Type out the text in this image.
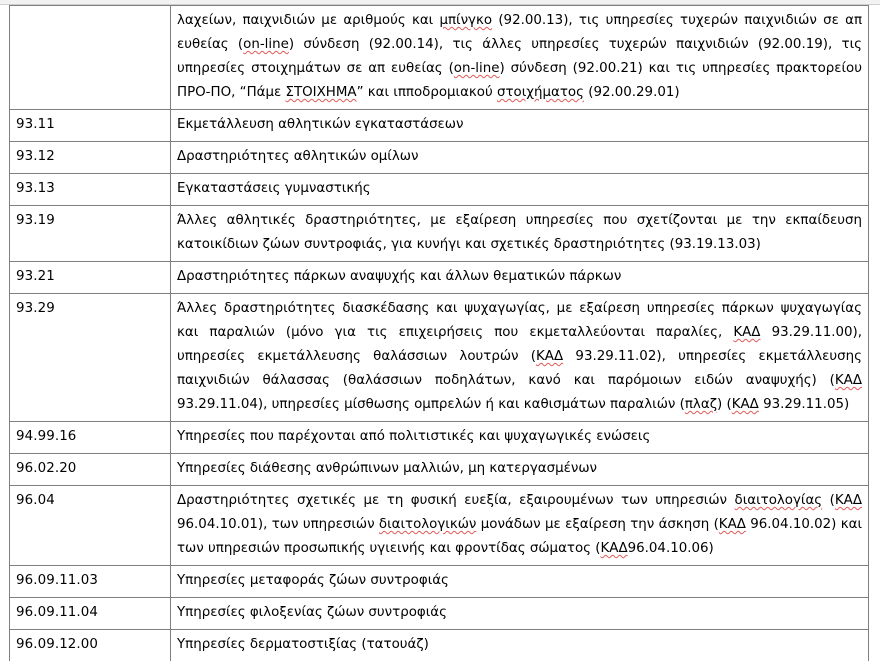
	λαχείων, παιχνιδιών με αριθμούς και μπίνγκο (92.00.13), τις υπηρεσίες τυχερών παιχνιδιών σε απ ευθείας (on-line) σύνδεση (92.00.14), τις άλλες υπηρεσίες τυχερών παιχνιδιών (92.00.19), τις υπηρεσίες στοιχημάτων σε απ ευθείας (on-line) σύνδεση (92.00.21) και τις υπηρεσίες πρακτορείου ΠΡΟ-ΠΟ, “Πάμε ΣΤΟΙΧΗΜΑ” και ιπποδρομιακού στοιχήματος (92.00.29.01)
93.11	Εκμετάλλευση αθλητικών εγκαταστάσεων
93.12	Δραστηριότητες αθλητικών ομίλων
93.13	Εγκαταστάσεις γυμναστικής
93.19	Άλλες αθλητικές δραστηριότητες, με εξαίρεση υπηρεσίες που σχετίζονται με την εκπαίδευση κατοικίδιων ζώων συντροφιάς, για κυνήγι και σχετικές δραστηριότητες (93.19.13.03)
93.21	Δραστηριότητες πάρκων αναψυχής και άλλων θεματικών πάρκων
93.29	Άλλες δραστηριότητες διασκέδασης και ψυχαγωγίας, με εξαίρεση υπηρεσίες πάρκων ψυχαγωγίας και παραλιών (μόνο για τις επιχειρήσεις που εκμεταλλεύονται παραλίες, ΚΑΔ 93.29.11.00), υπηρεσίες εκμετάλλευσης θαλάσσιων λουτρών (ΚΑΔ 93.29.11.02), υπηρεσίες εκμετάλλευσης παιχνιδιών θάλασσας (θαλάσσιων ποδηλάτων, κανό και παρόμοιων ειδών αναψυχής) (ΚΑΔ 93.29.11.04), υπηρεσίες μίσθωσης ομπρελών ή και καθισμάτων παραλιών (πλαζ) (ΚΑΔ 93.29.11.05)
94.99.16	Υπηρεσίες που παρέχονται από πολιτιστικές και ψυχαγωγικές ενώσεις
96.02.20	Υπηρεσίες διάθεσης ανθρώπινων μαλλιών, μη κατεργασμένων
96.04	Δραστηριότητες σχετικές με τη φυσική ευεξία, εξαιρουμένων των υπηρεσιών διαιτολογίας (ΚΑΔ 96.04.10.01), των υπηρεσιών διαιτολογικών μονάδων με εξαίρεση την άσκηση (ΚΑΔ 96.04.10.02) και των υπηρεσιών προσωπικής υγιεινής και φροντίδας σώματος (ΚΑΔ96.04.10.06)
96.09.11.03	Υπηρεσίες μεταφοράς ζώων συντροφιάς
96.09.11.04	Υπηρεσίες φιλοξενίας ζώων συντροφιάς
96.09.12.00	Υπηρεσίες δερματοστιξίας (τατουάζ)
